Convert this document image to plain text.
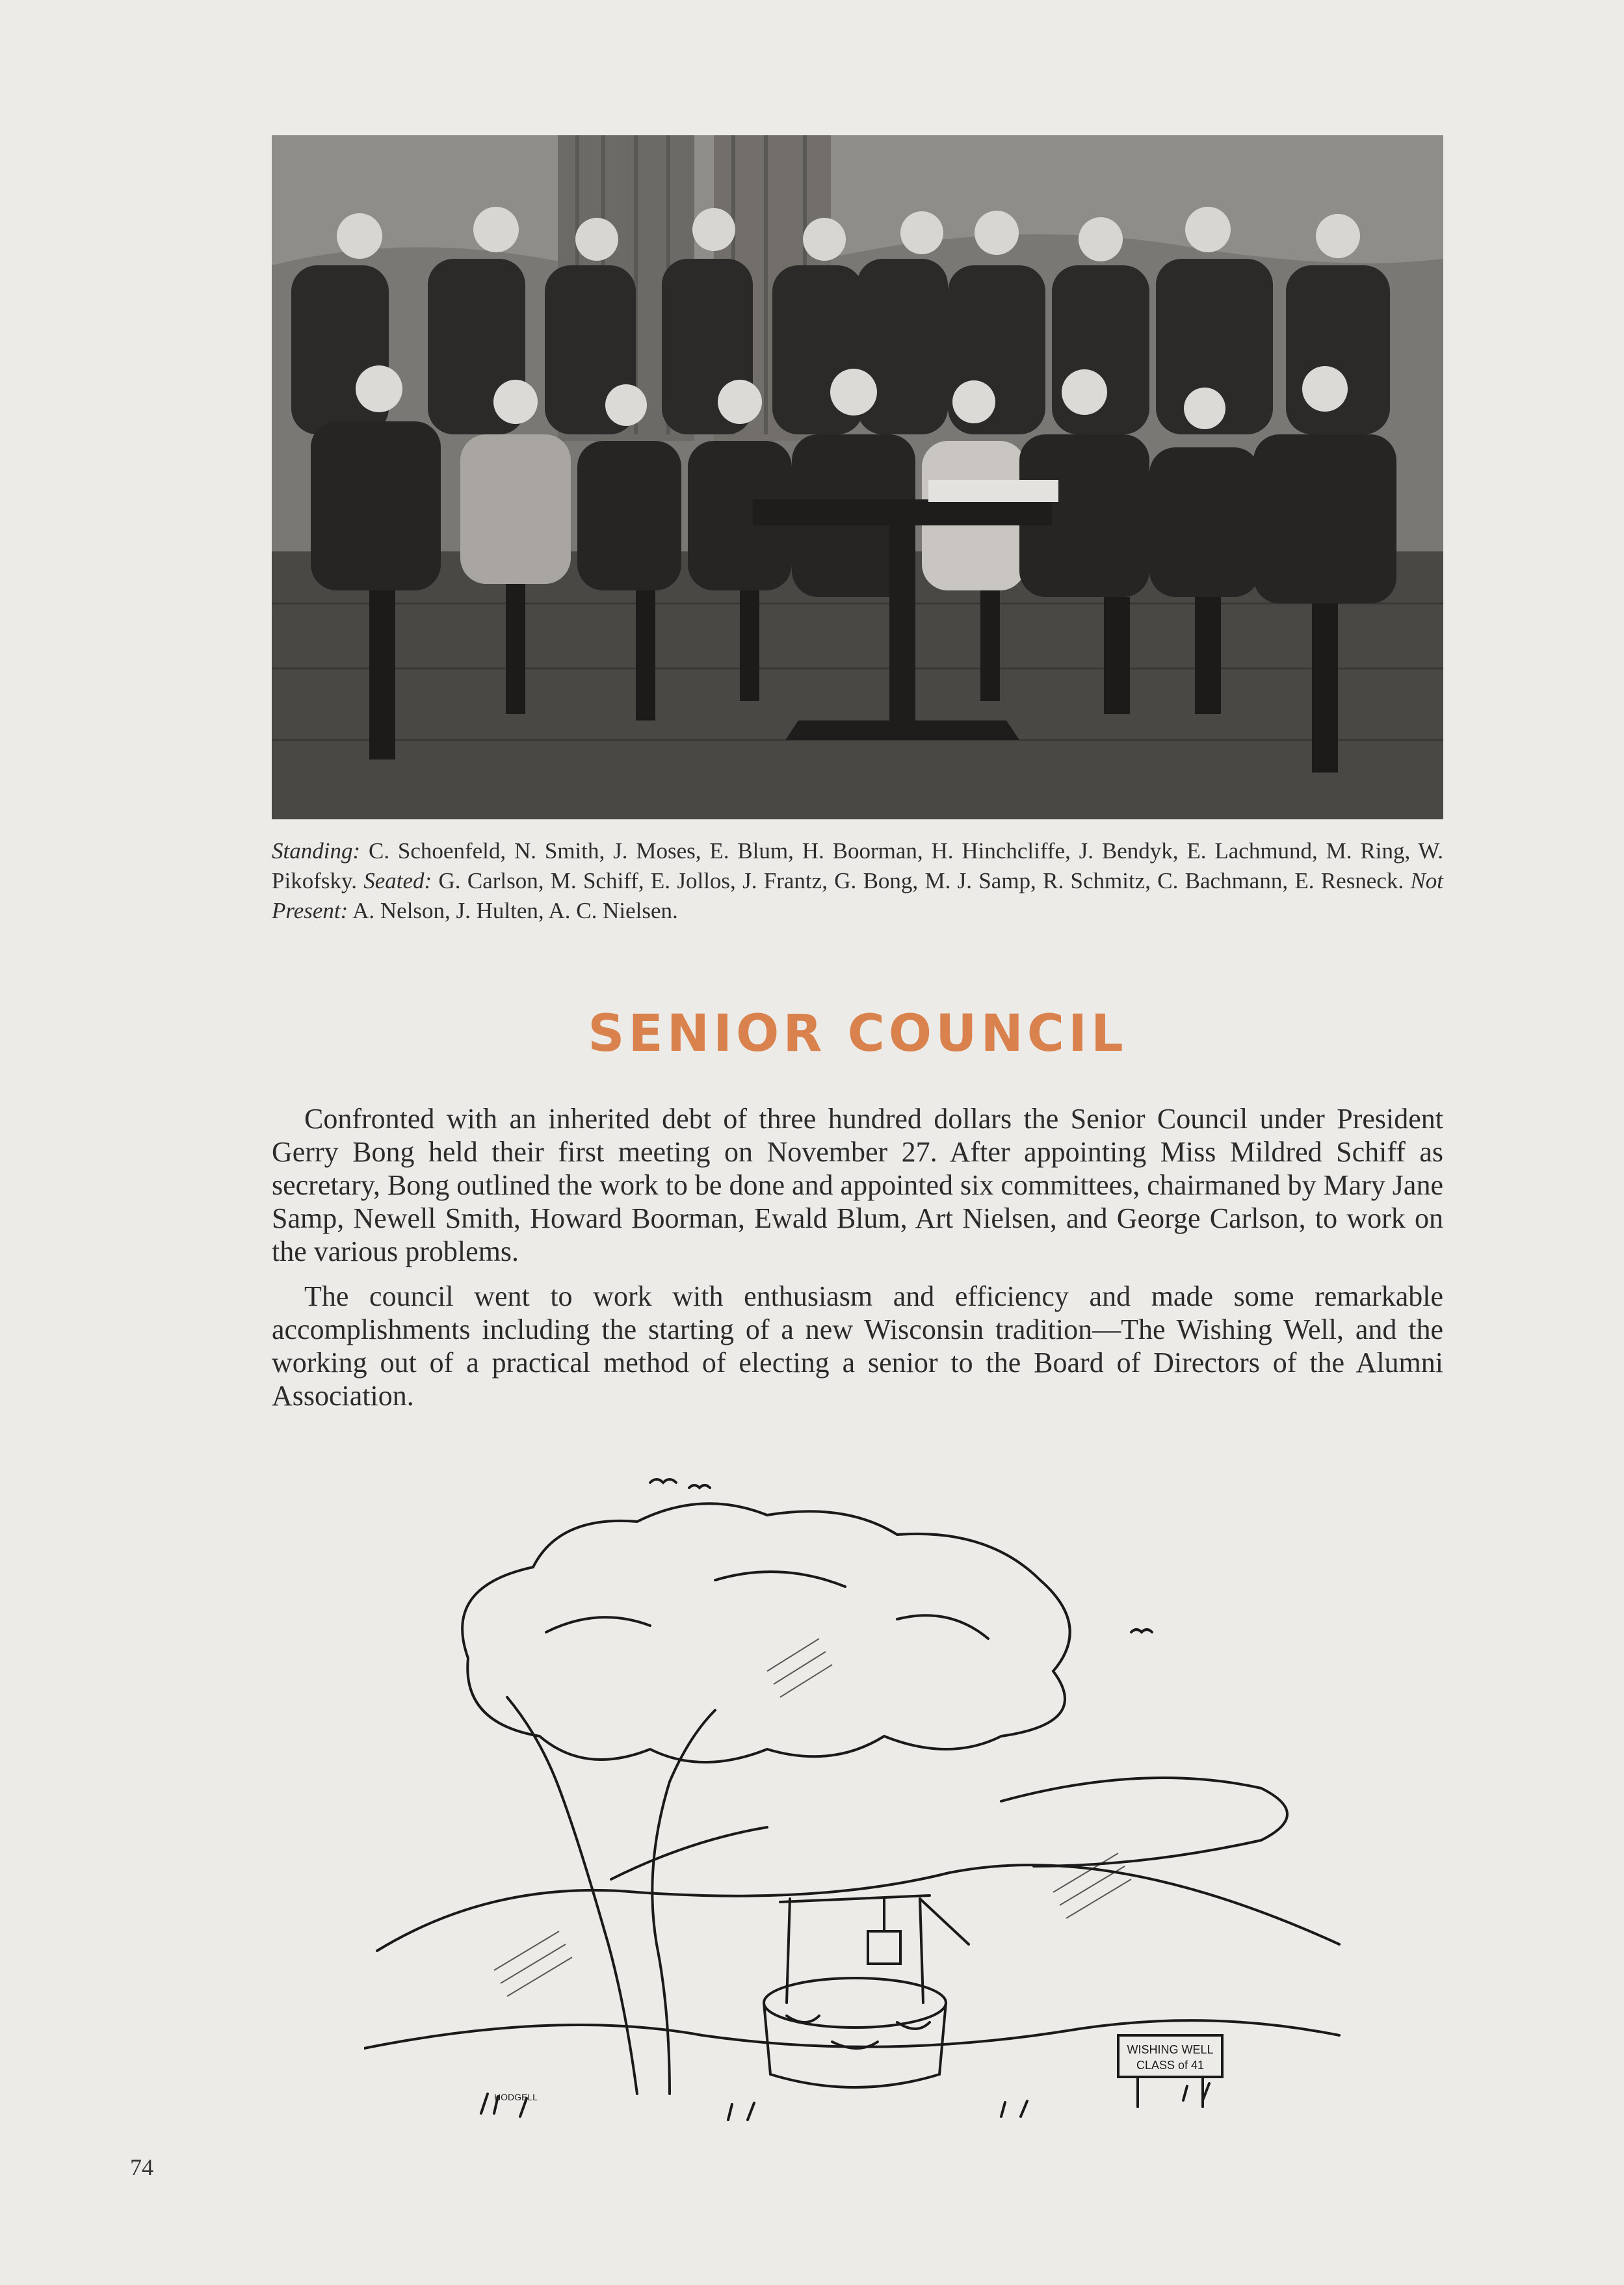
Standing: C. Schoenfeld, N. Smith, J. Moses, E. Blum, H. Boorman, H. Hinchcliffe, J. Bendyk, E. Lachmund, M. Ring, W. Pikofsky. Seated: G. Carlson, M. Schiff, E. Jollos, J. Frantz, G. Bong, M. J. Samp, R. Schmitz, C. Bachmann, E. Resneck. Not Present: A. Nelson, J. Hulten, A. C. Nielsen.

SENIOR COUNCIL

Confronted with an inherited debt of three hundred dollars the Senior Council under President Gerry Bong held their first meeting on November 27. After appointing Miss Mildred Schiff as secretary, Bong outlined the work to be done and appointed six committees, chairmaned by Mary Jane Samp, Newell Smith, Howard Boorman, Ewald Blum, Art Nielsen, and George Carlson, to work on the various problems.

The council went to work with enthusiasm and efficiency and made some remarkable accomplishments including the starting of a new Wisconsin tradition—The Wishing Well, and the working out of a practical method of electing a senior to the Board of Directors of the Alumni Association.

WISHING WELL
CLASS of 41
HODGELL
74
